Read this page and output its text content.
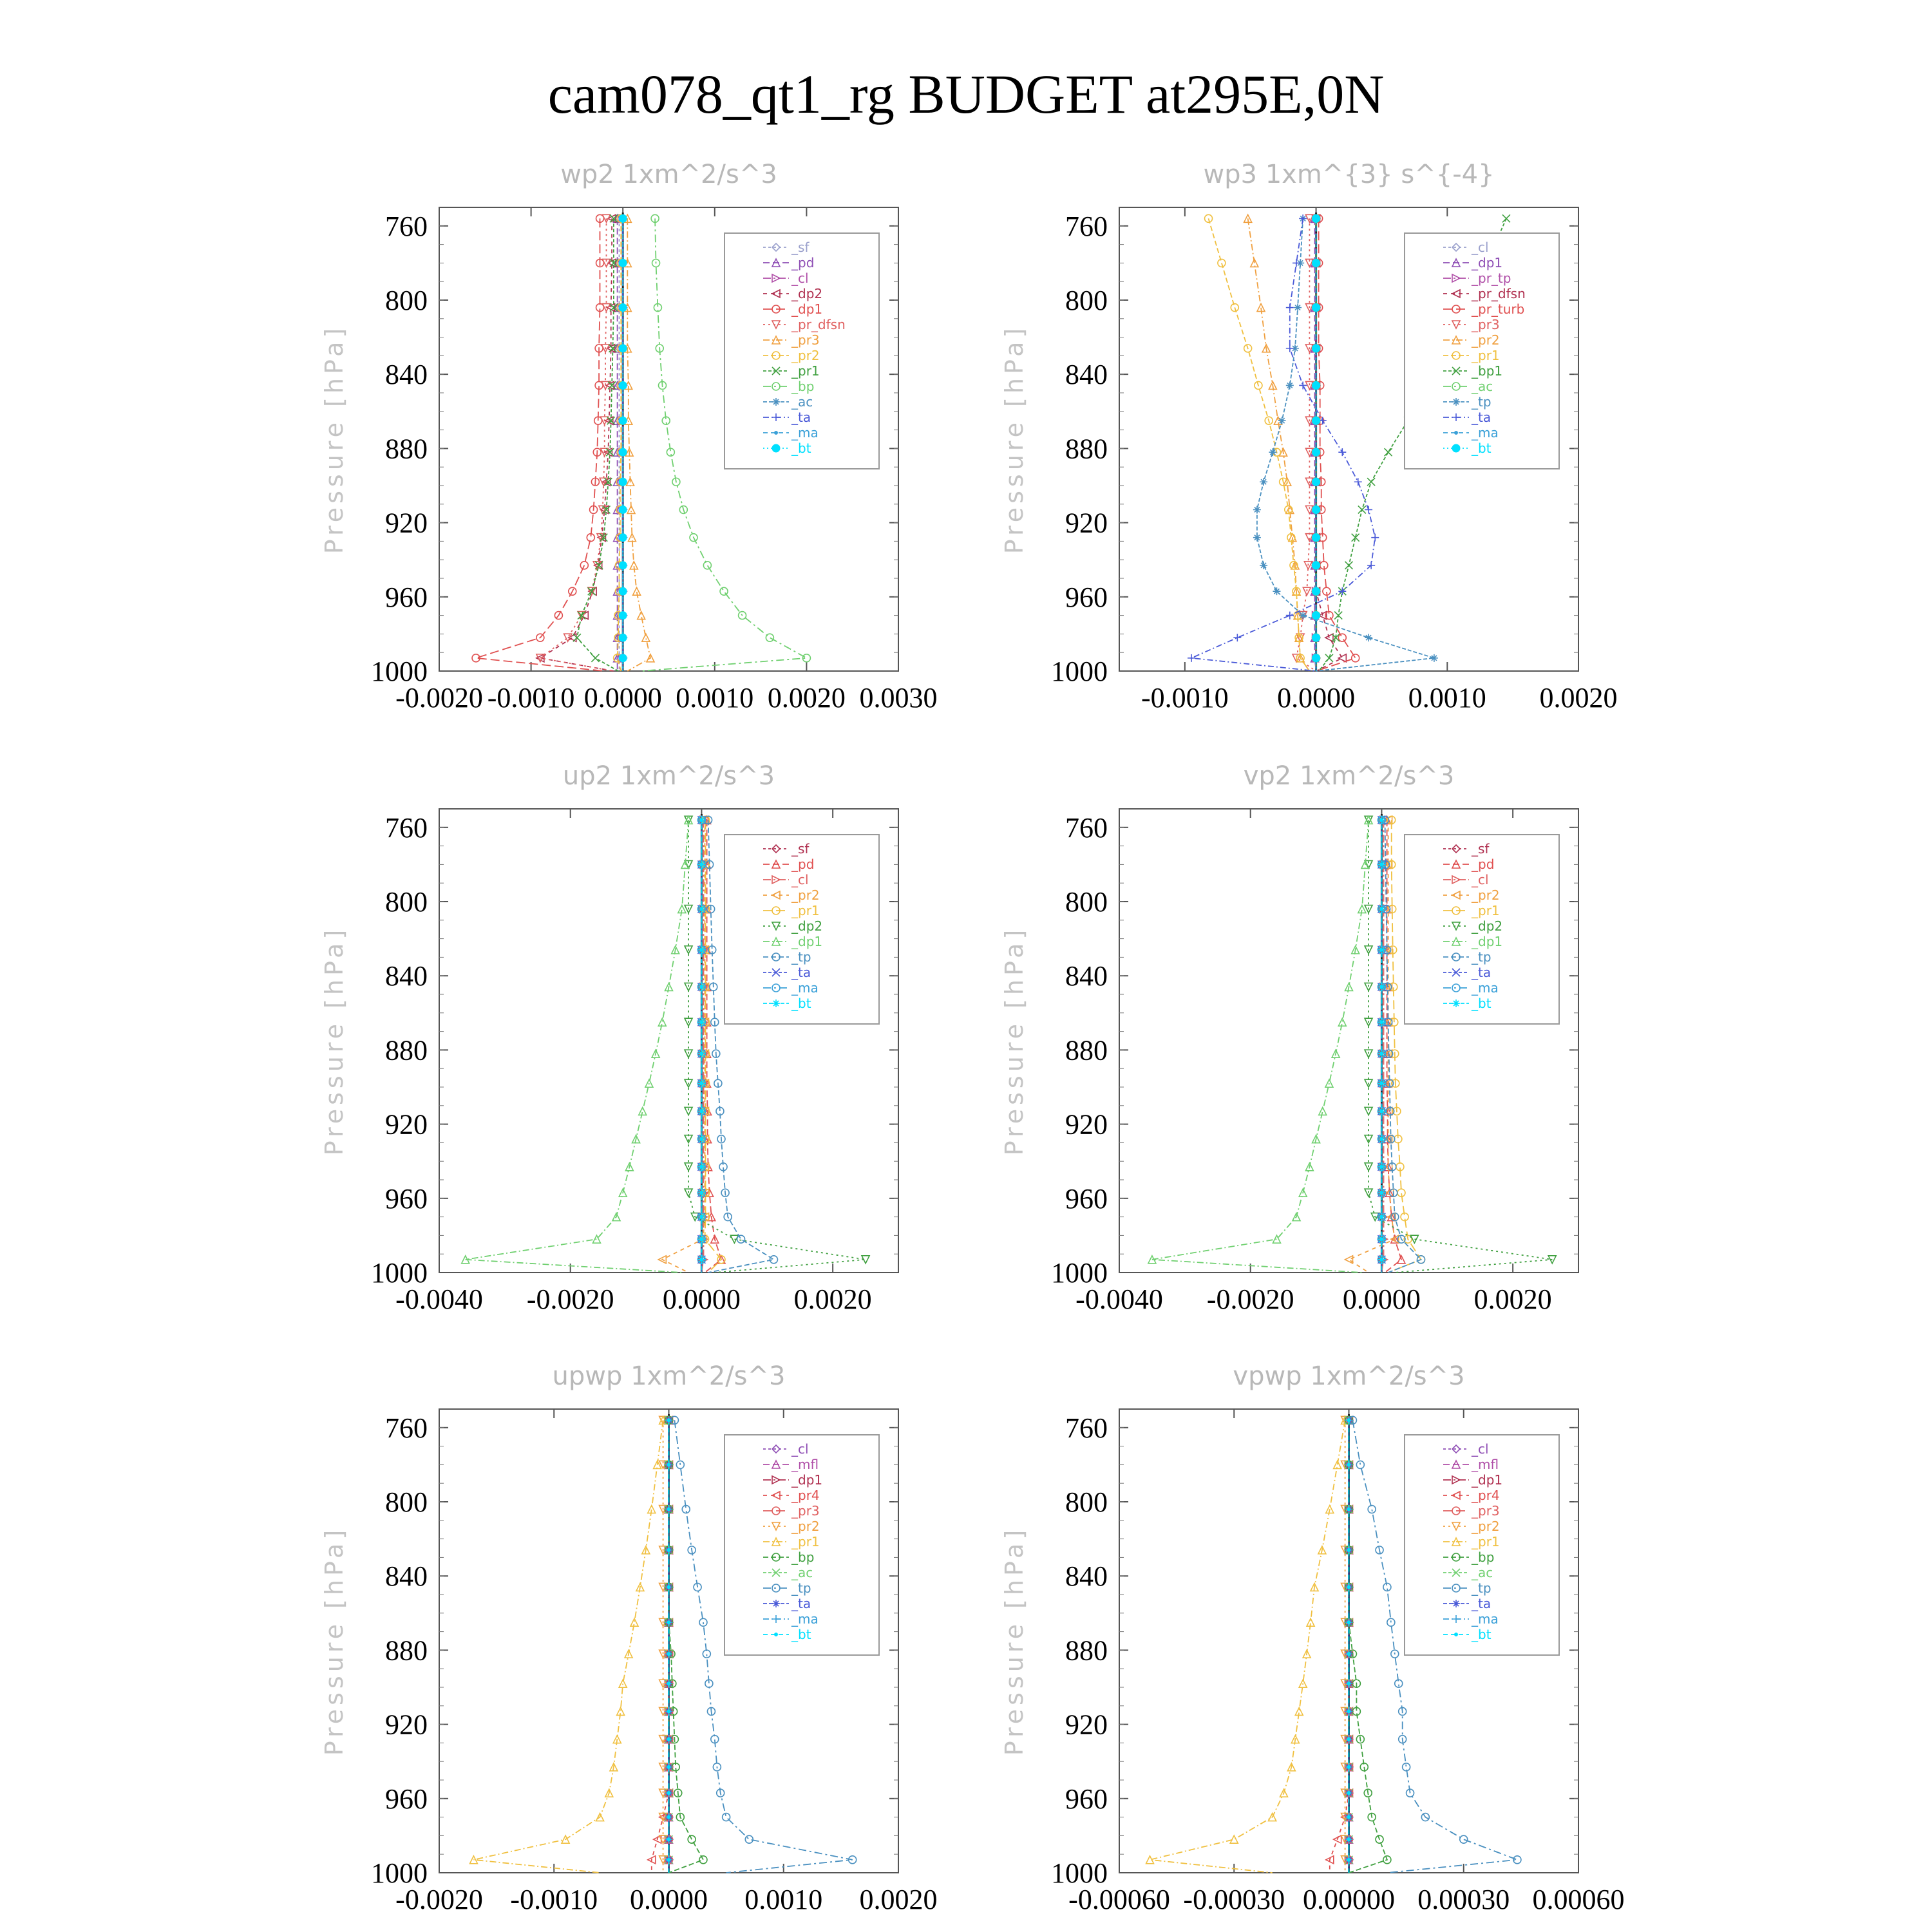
cam078_qt1_rg BUDGET at295E,0N
wp2 1xm^2/s^3
Pressure [hPa]
760
800
840
880
920
960
1000
-0.0020 -0.0010 0.0000 0.0010 0.0020 0.0030
_sf
_pd
_cl
_dp2
_dp1
_pr_dfsn
_pr3
_pr2
_pr1
_bp
_ac
_ta
_ma
_bt
wp3 1xm^{3} s^{-4}
Pressure [hPa]
760
800
840
880
920
960
1000
-0.0010 0.0000 0.0010 0.0020
_cl
_dp1
_pr_tp
_pr_dfsn
_pr_turb
_pr3
_pr2
_pr1
_bp1
_ac
_tp
_ta
_ma
_bt
up2 1xm^2/s^3
Pressure [hPa]
760
800
840
880
920
960
1000
-0.0040 -0.0020 0.0000 0.0020
_sf
_pd
_cl
_pr2
_pr1
_dp2
_dp1
_tp
_ta
_ma
_bt
vp2 1xm^2/s^3
Pressure [hPa]
760
800
840
880
920
960
1000
-0.0040 -0.0020 0.0000 0.0020
_sf
_pd
_cl
_pr2
_pr1
_dp2
_dp1
_tp
_ta
_ma
_bt
upwp 1xm^2/s^3
Pressure [hPa]
760
800
840
880
920
960
1000
-0.0020 -0.0010 0.0000 0.0010 0.0020
_cl
_mfl
_dp1
_pr4
_pr3
_pr2
_pr1
_bp
_ac
_tp
_ta
_ma
_bt
vpwp 1xm^2/s^3
Pressure [hPa]
760
800
840
880
920
960
1000
-0.00060 -0.00030 0.00000 0.00030 0.00060
_cl
_mfl
_dp1
_pr4
_pr3
_pr2
_pr1
_bp
_ac
_tp
_ta
_ma
_bt
